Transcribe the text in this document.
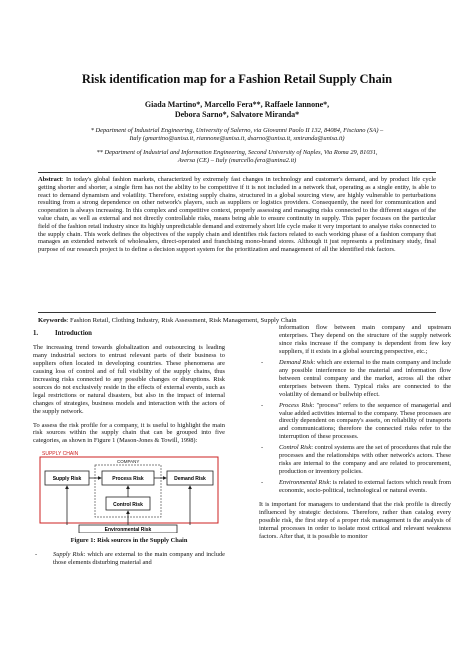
Risk identification map for a Fashion Retail Supply Chain
Giada Martino*, Marcello Fera**, Raffaele Iannone*,
Debora Sarno*, Salvatore Miranda*
* Department of Industrial Engineering, University of Salerno, via Giovanni Paolo II 132, 84084, Fisciano (SA) –
Italy (gmartino@unisa.it, riannone@unisa.it, dsarno@unisa.it, smiranda@unisa.it)
** Department of Industrial and Information Engineering, Second University of Naples, Via Roma 29, 81031,
Aversa (CE) – Italy (marcello.fera@unina2.it)
Abstract: In today's global fashion markets, characterized by extremely fast changes in technology and customer's demand, and by product life cycle getting shorter and shorter, a single firm has not the ability to be competitive if it is not included in a network that, operating as a single entity, is able to react to demand dynamism and volatility. Therefore, existing supply chains, structured in a global sourcing view, are highly vulnerable to perturbations resulting from a strong dependence on other network's players, such as suppliers or logistics providers. Consequently, the need for communication and cooperation is always increasing. In this complex and competitive context, properly assessing and managing risks connected to the different stages of the value chain, as well as external and not directly controllable risks, means being able to ensure continuity in supply. This paper focuses on the particular field of the fashion retail industry since its highly unpredictable demand and extremely short life cycle make it very important to analyse risks connected to the supply chain. This work defines the objectives of the supply chain and identifies risk factors related to each working phase of a fashion company that manages an extended network of wholesalers, direct-operated and franchising mono-brand stores. Although it just represents a preliminary study, final purpose of our research project is to define a decision support system for the prioritization and management of all the identified risk factors.
Keywords: Fashion Retail, Clothing Industry, Risk Assessment, Risk Management, Supply Chain
1. Introduction
The increasing trend towards globalization and outsourcing is leading many industrial sectors to entrust relevant parts of their business to suppliers often located in developing countries. These phenomena are causing loss of control and of full visibility of the supply chains, thus increasing risks connected to any possible changes or disruptions. Risk sources do not exclusively reside in the effects of external events, such as legal restrictions or natural disasters, but also in the impact of internal changes of strategies, business models and interaction with the actors of the supply network.
To assess the risk profile for a company, it is useful to highlight the main risk sources within the supply chain that can be grouped into five categories, as shown in Figure 1 (Mason-Jones & Towill, 1998):
SUPPLY CHAIN
COMPANY
Supply Risk	Process Risk	Demand Risk
Control Risk
Environmental Risk
Figure 1: Risk sources in the Supply Chain
- Supply Risk: which are external to the main company and include those elements disturbing material and
information flow between main company and upstream enterprises. They depend on the structure of the supply network since risks increase if the company is dependent from few key suppliers, if it exists in a global sourcing perspective, etc.;
- Demand Risk: which are external to the main company and include any possible interference to the material and information flow between central company and the market, across all the other enterprises between them. Typical risks are connected to the volatility of demand or bullwhip effect.
- Process Risk: "process" refers to the sequence of managerial and value added activities internal to the company. These processes are directly dependent on company's assets, on reliability of transports and communications; therefore the connected risks refer to the interruption of these processes.
- Control Risk: control systems are the set of procedures that rule the processes and the relationships with other network's actors. These risks are internal to the company and are related to procurement, production or inventory policies.
- Environmental Risk: is related to external factors which result from economic, socio-political, technological or natural events.
It is important for managers to understand that the risk profile is directly influenced by strategic decisions. Therefore, rather than catalog every possible risk, the first step of a proper risk management is the analysis of internal processes in order to isolate most critical and relevant weakness factors. After that, it is possible to monitor
